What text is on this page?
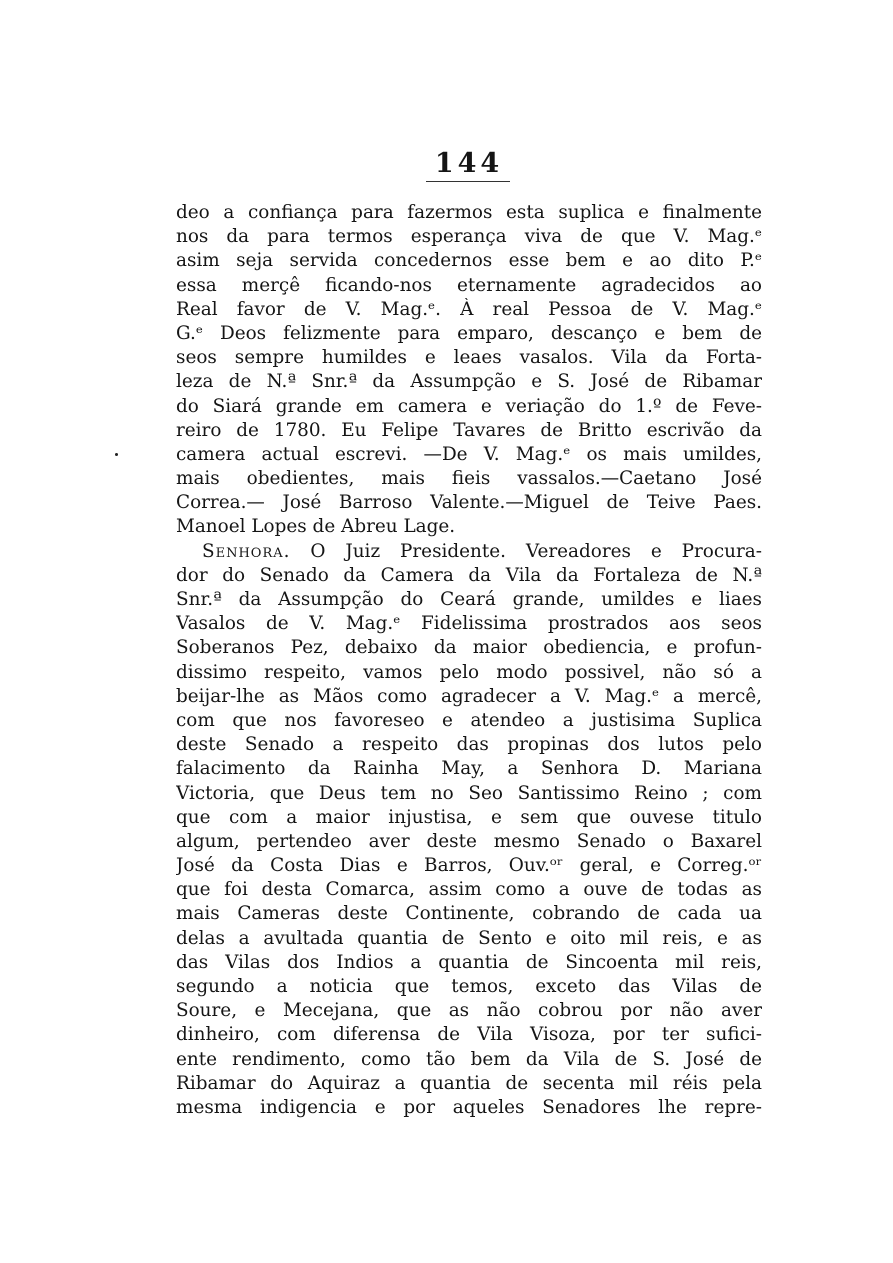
144
deo a confiança para fazermos esta suplica e finalmente
nos da para termos esperança viva de que V. Mag.ᵉ
asim seja servida concedernos esse bem e ao dito P.ᵉ
essa merçê ficando-nos eternamente agradecidos ao
Real favor de V. Mag.ᵉ. À real Pessoa de V. Mag.ᵉ
G.ᵉ Deos felizmente para emparo, descanço e bem de
seos sempre humildes e leaes vasalos. Vila da Forta-
leza de N.ª Snr.ª da Assumpção e S. José de Ribamar
do Siará grande em camera e veriação do 1.º de Feve-
reiro de 1780. Eu Felipe Tavares de Britto escrivão da
camera actual escrevi. —De V. Mag.ᵉ os mais umildes,
mais obedientes, mais fieis vassalos.—Caetano José
Correa.— José Barroso Valente.—Miguel de Teive Paes.
Manoel Lopes de Abreu Lage.
Senhora. O Juiz Presidente. Vereadores e Procura-
dor do Senado da Camera da Vila da Fortaleza de N.ª
Snr.ª da Assumpção do Ceará grande, umildes e liaes
Vasalos de V. Mag.ᵉ Fidelissima prostrados aos seos
Soberanos Pez, debaixo da maior obediencia, e profun-
dissimo respeito, vamos pelo modo possivel, não só a
beijar-lhe as Mãos como agradecer a V. Mag.ᵉ a mercê,
com que nos favoreseo e atendeo a justisima Suplica
deste Senado a respeito das propinas dos lutos pelo
falacimento da Rainha May, a Senhora D. Mariana
Victoria, que Deus tem no Seo Santissimo Reino ; com
que com a maior injustisa, e sem que ouvese titulo
algum, pertendeo aver deste mesmo Senado o Baxarel
José da Costa Dias e Barros, Ouv.ᵒʳ geral, e Correg.ᵒʳ
que foi desta Comarca, assim como a ouve de todas as
mais Cameras deste Continente, cobrando de cada ua
delas a avultada quantia de Sento e oito mil reis, e as
das Vilas dos Indios a quantia de Sincoenta mil reis,
segundo a noticia que temos, exceto das Vilas de
Soure, e Mecejana, que as não cobrou por não aver
dinheiro, com diferensa de Vila Visoza, por ter sufici-
ente rendimento, como tão bem da Vila de S. José de
Ribamar do Aquiraz a quantia de secenta mil réis pela
mesma indigencia e por aqueles Senadores lhe repre-
